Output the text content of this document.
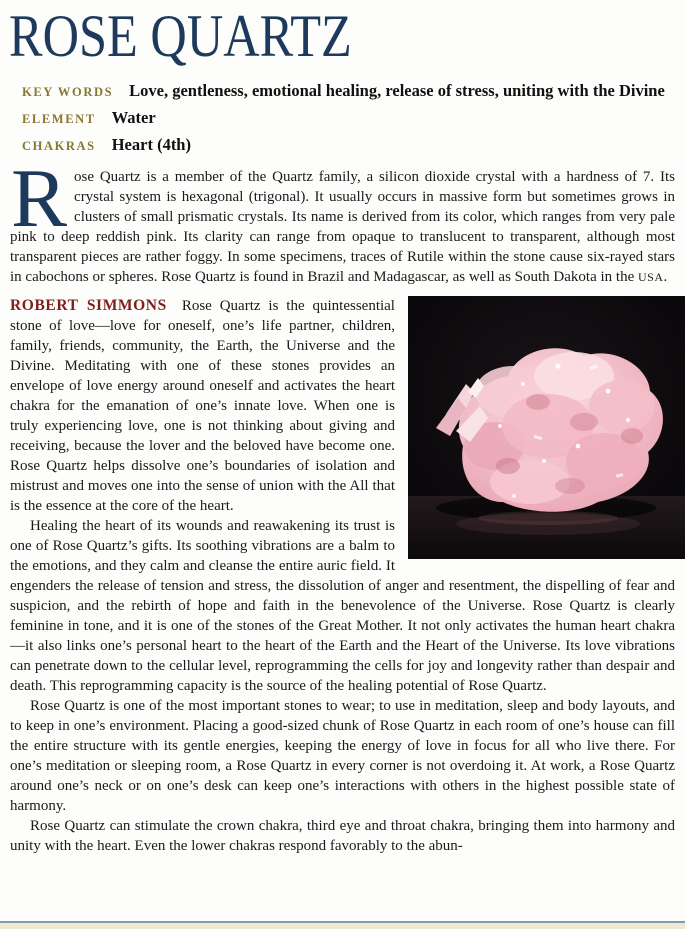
ROSE QUARTZ
KEY WORDS Love, gentleness, emotional healing, release of stress, uniting with the Divine
ELEMENT Water
CHAKRAS Heart (4th)

Rose Quartz is a member of the Quartz family, a silicon dioxide crystal with a hardness of 7. Its crystal system is hexagonal (trigonal). It usually occurs in massive form but sometimes grows in clusters of small prismatic crystals. Its name is derived from its color, which ranges from very pale pink to deep reddish pink. Its clarity can range from opaque to translucent to transparent, although most transparent pieces are rather foggy. In some specimens, traces of Rutile within the stone cause six-rayed stars in cabochons or spheres. Rose Quartz is found in Brazil and Madagascar, as well as South Dakota in the USA.

ROBERT SIMMONS Rose Quartz is the quintessential stone of love—love for oneself, one’s life partner, children, family, friends, community, the Earth, the Universe and the Divine. Meditating with one of these stones provides an envelope of love energy around oneself and activates the heart chakra for the emanation of one’s innate love. When one is truly experiencing love, one is not thinking about giving and receiving, because the lover and the beloved have become one. Rose Quartz helps dissolve one’s boundaries of isolation and mistrust and moves one into the sense of union with the All that is the essence at the core of the heart.

Healing the heart of its wounds and reawakening its trust is one of Rose Quartz’s gifts. Its soothing vibrations are a balm to the emotions, and they calm and cleanse the entire auric field. It engenders the release of tension and stress, the dissolution of anger and resentment, the dispelling of fear and suspicion, and the rebirth of hope and faith in the benevolence of the Universe. Rose Quartz is clearly feminine in tone, and it is one of the stones of the Great Mother. It not only activates the human heart chakra—it also links one’s personal heart to the heart of the Earth and the Heart of the Universe. Its love vibrations can penetrate down to the cellular level, reprogramming the cells for joy and longevity rather than despair and death. This reprogramming capacity is the source of the healing potential of Rose Quartz.

Rose Quartz is one of the most important stones to wear; to use in meditation, sleep and body layouts, and to keep in one’s environment. Placing a good-sized chunk of Rose Quartz in each room of one’s house can fill the entire structure with its gentle energies, keeping the energy of love in focus for all who live there. For one’s meditation or sleeping room, a Rose Quartz in every corner is not overdoing it. At work, a Rose Quartz around one’s neck or on one’s desk can keep one’s interactions with others in the highest possible state of harmony.

Rose Quartz can stimulate the crown chakra, third eye and throat chakra, bringing them into harmony and unity with the heart. Even the lower chakras respond favorably to the abun-
